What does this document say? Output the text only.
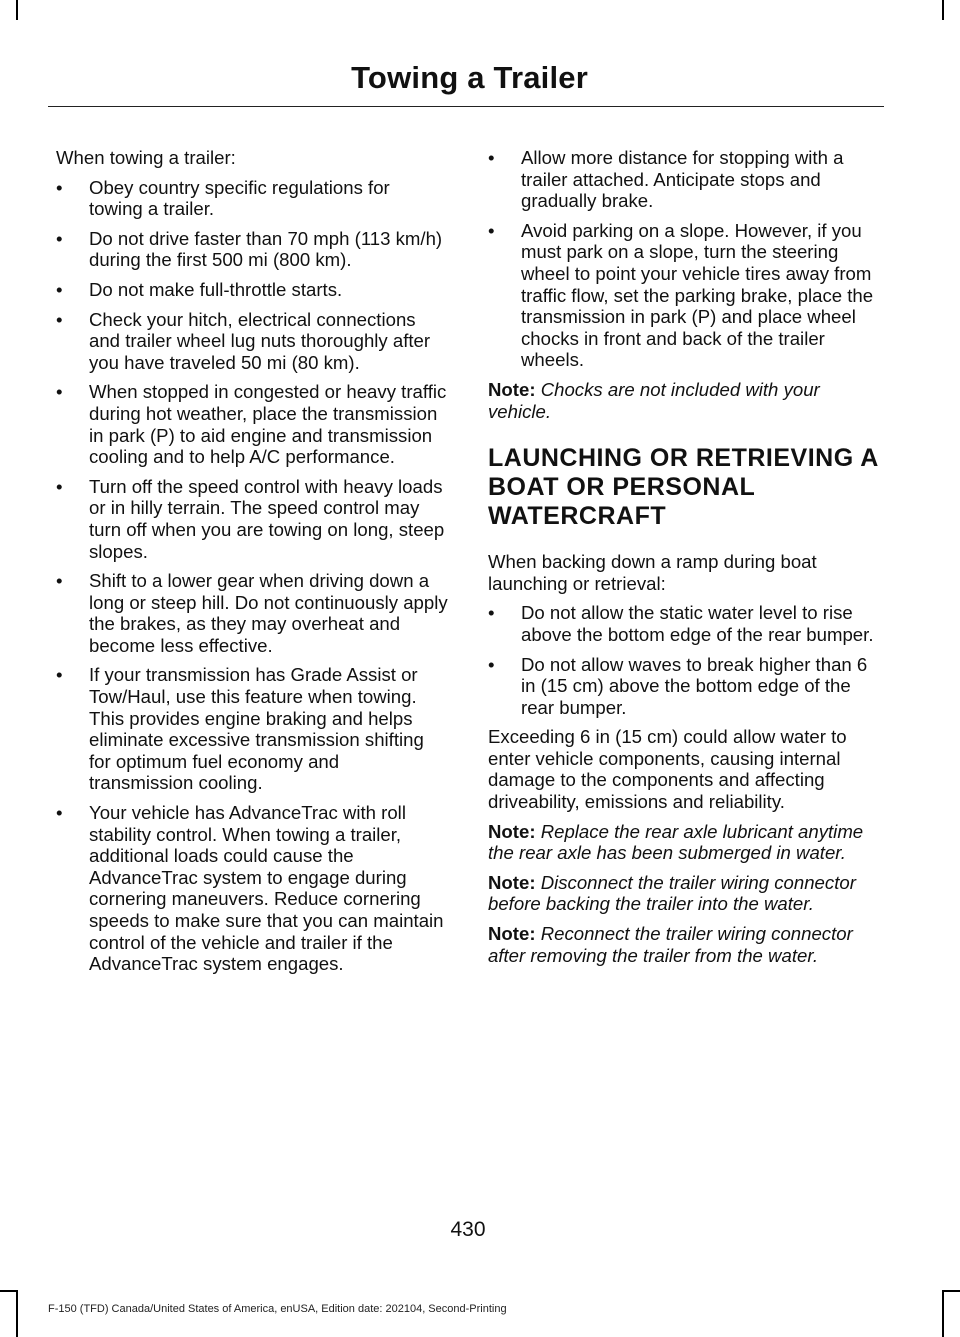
Towing a Trailer

When towing a trailer:

• Obey country specific regulations for towing a trailer.
• Do not drive faster than 70 mph (113 km/h) during the first 500 mi (800 km).
• Do not make full-throttle starts.
• Check your hitch, electrical connections and trailer wheel lug nuts thoroughly after you have traveled 50 mi (80 km).
• When stopped in congested or heavy traffic during hot weather, place the transmission in park (P) to aid engine and transmission cooling and to help A/C performance.
• Turn off the speed control with heavy loads or in hilly terrain. The speed control may turn off when you are towing on long, steep slopes.
• Shift to a lower gear when driving down a long or steep hill. Do not continuously apply the brakes, as they may overheat and become less effective.
• If your transmission has Grade Assist or Tow/Haul, use this feature when towing. This provides engine braking and helps eliminate excessive transmission shifting for optimum fuel economy and transmission cooling.
• Your vehicle has AdvanceTrac with roll stability control. When towing a trailer, additional loads could cause the AdvanceTrac system to engage during cornering maneuvers. Reduce cornering speeds to make sure that you can maintain control of the vehicle and trailer if the AdvanceTrac system engages.
• Allow more distance for stopping with a trailer attached. Anticipate stops and gradually brake.
• Avoid parking on a slope. However, if you must park on a slope, turn the steering wheel to point your vehicle tires away from traffic flow, set the parking brake, place the transmission in park (P) and place wheel chocks in front and back of the trailer wheels.

Note: Chocks are not included with your vehicle.

LAUNCHING OR RETRIEVING A BOAT OR PERSONAL WATERCRAFT

When backing down a ramp during boat launching or retrieval:

• Do not allow the static water level to rise above the bottom edge of the rear bumper.
• Do not allow waves to break higher than 6 in (15 cm) above the bottom edge of the rear bumper.

Exceeding 6 in (15 cm) could allow water to enter vehicle components, causing internal damage to the components and affecting driveability, emissions and reliability.

Note: Replace the rear axle lubricant anytime the rear axle has been submerged in water.

Note: Disconnect the trailer wiring connector before backing the trailer into the water.

Note: Reconnect the trailer wiring connector after removing the trailer from the water.

430
F-150 (TFD) Canada/United States of America, enUSA, Edition date: 202104, Second-Printing
